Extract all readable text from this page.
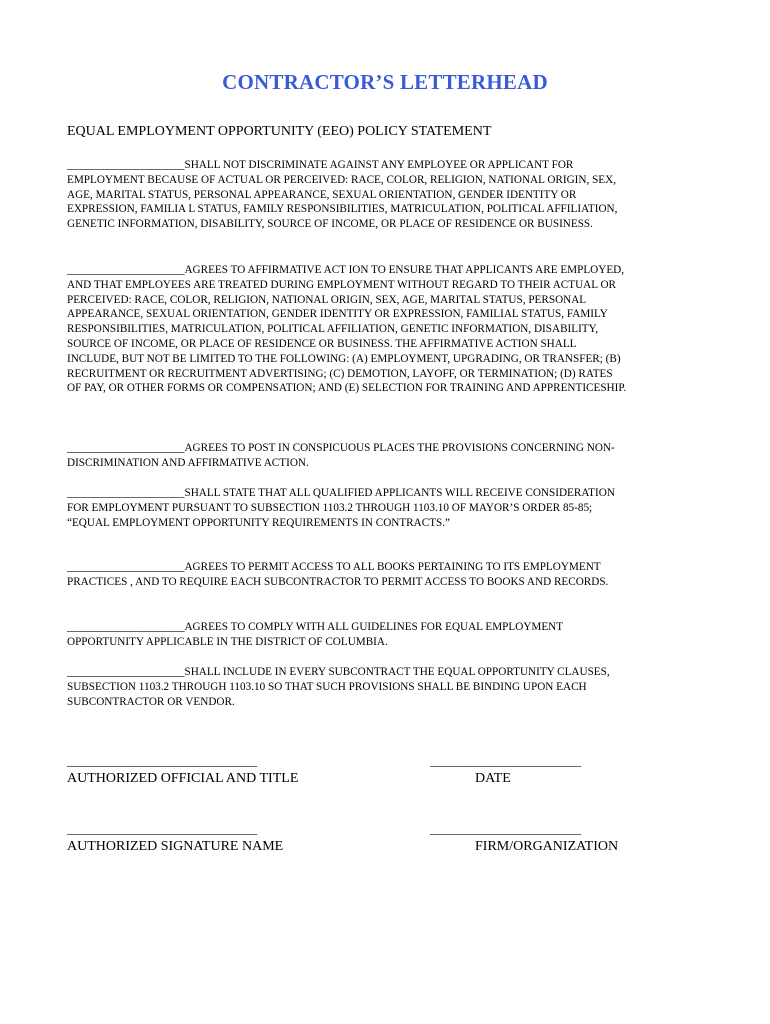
CONTRACTOR’S LETTERHEAD
EQUAL EMPLOYMENT OPPORTUNITY (EEO) POLICY STATEMENT
_____________________SHALL NOT DISCRIMINATE AGAINST ANY EMPLOYEE OR APPLICANT FOR EMPLOYMENT BECAUSE OF ACTUAL OR PERCEIVED: RACE, COLOR, RELIGION, NATIONAL ORIGIN, SEX, AGE, MARITAL STATUS, PERSONAL APPEARANCE, SEXUAL ORIENTATION, GENDER IDENTITY OR EXPRESSION, FAMILIA L STATUS, FAMILY RESPONSIBILITIES, MATRICULATION, POLITICAL AFFILIATION, GENETIC INFORMATION, DISABILITY, SOURCE OF INCOME, OR PLACE OF RESIDENCE OR BUSINESS.
_____________________AGREES TO AFFIRMATIVE ACT ION TO ENSURE THAT APPLICANTS ARE EMPLOYED, AND THAT EMPLOYEES ARE TREATED DURING EMPLOYMENT WITHOUT REGARD TO THEIR ACTUAL OR PERCEIVED: RACE, COLOR, RELIGION, NATIONAL ORIGIN, SEX, AGE, MARITAL STATUS, PERSONAL APPEARANCE, SEXUAL ORIENTATION, GENDER IDENTITY OR EXPRESSION, FAMILIAL STATUS, FAMILY RESPONSIBILITIES, MATRICULATION, POLITICAL AFFILIATION, GENETIC INFORMATION, DISABILITY, SOURCE OF INCOME, OR PLACE OF RESIDENCE OR BUSINESS. THE AFFIRMATIVE ACTION SHALL INCLUDE, BUT NOT BE LIMITED TO THE FOLLOWING: (A) EMPLOYMENT, UPGRADING, OR TRANSFER; (B) RECRUITMENT OR RECRUITMENT ADVERTISING; (C) DEMOTION, LAYOFF, OR TERMINATION; (D) RATES OF PAY, OR OTHER FORMS OR COMPENSATION; AND (E) SELECTION FOR TRAINING AND APPRENTICESHIP.
_____________________AGREES TO POST IN CONSPICUOUS PLACES THE PROVISIONS CONCERNING NON-DISCRIMINATION AND AFFIRMATIVE ACTION.
_____________________SHALL STATE THAT ALL QUALIFIED APPLICANTS WILL RECEIVE CONSIDERATION FOR EMPLOYMENT PURSUANT TO SUBSECTION 1103.2 THROUGH 1103.10 OF MAYOR’S ORDER 85-85; “EQUAL EMPLOYMENT OPPORTUNITY REQUIREMENTS IN CONTRACTS.”
_____________________AGREES TO PERMIT ACCESS TO ALL BOOKS PERTAINING TO ITS EMPLOYMENT PRACTICES , AND TO REQUIRE EACH SUBCONTRACTOR TO PERMIT ACCESS TO BOOKS AND RECORDS.
_____________________AGREES TO COMPLY WITH ALL GUIDELINES FOR EQUAL EMPLOYMENT OPPORTUNITY APPLICABLE IN THE DISTRICT OF COLUMBIA.
_____________________SHALL INCLUDE IN EVERY SUBCONTRACT THE EQUAL OPPORTUNITY CLAUSES, SUBSECTION 1103.2 THROUGH 1103.10 SO THAT SUCH PROVISIONS SHALL BE BINDING UPON EACH SUBCONTRACTOR OR VENDOR.
__________________________________	___________________________
AUTHORIZED OFFICIAL AND TITLE	DATE
__________________________________	___________________________
AUTHORIZED SIGNATURE NAME	FIRM/ORGANIZATION
